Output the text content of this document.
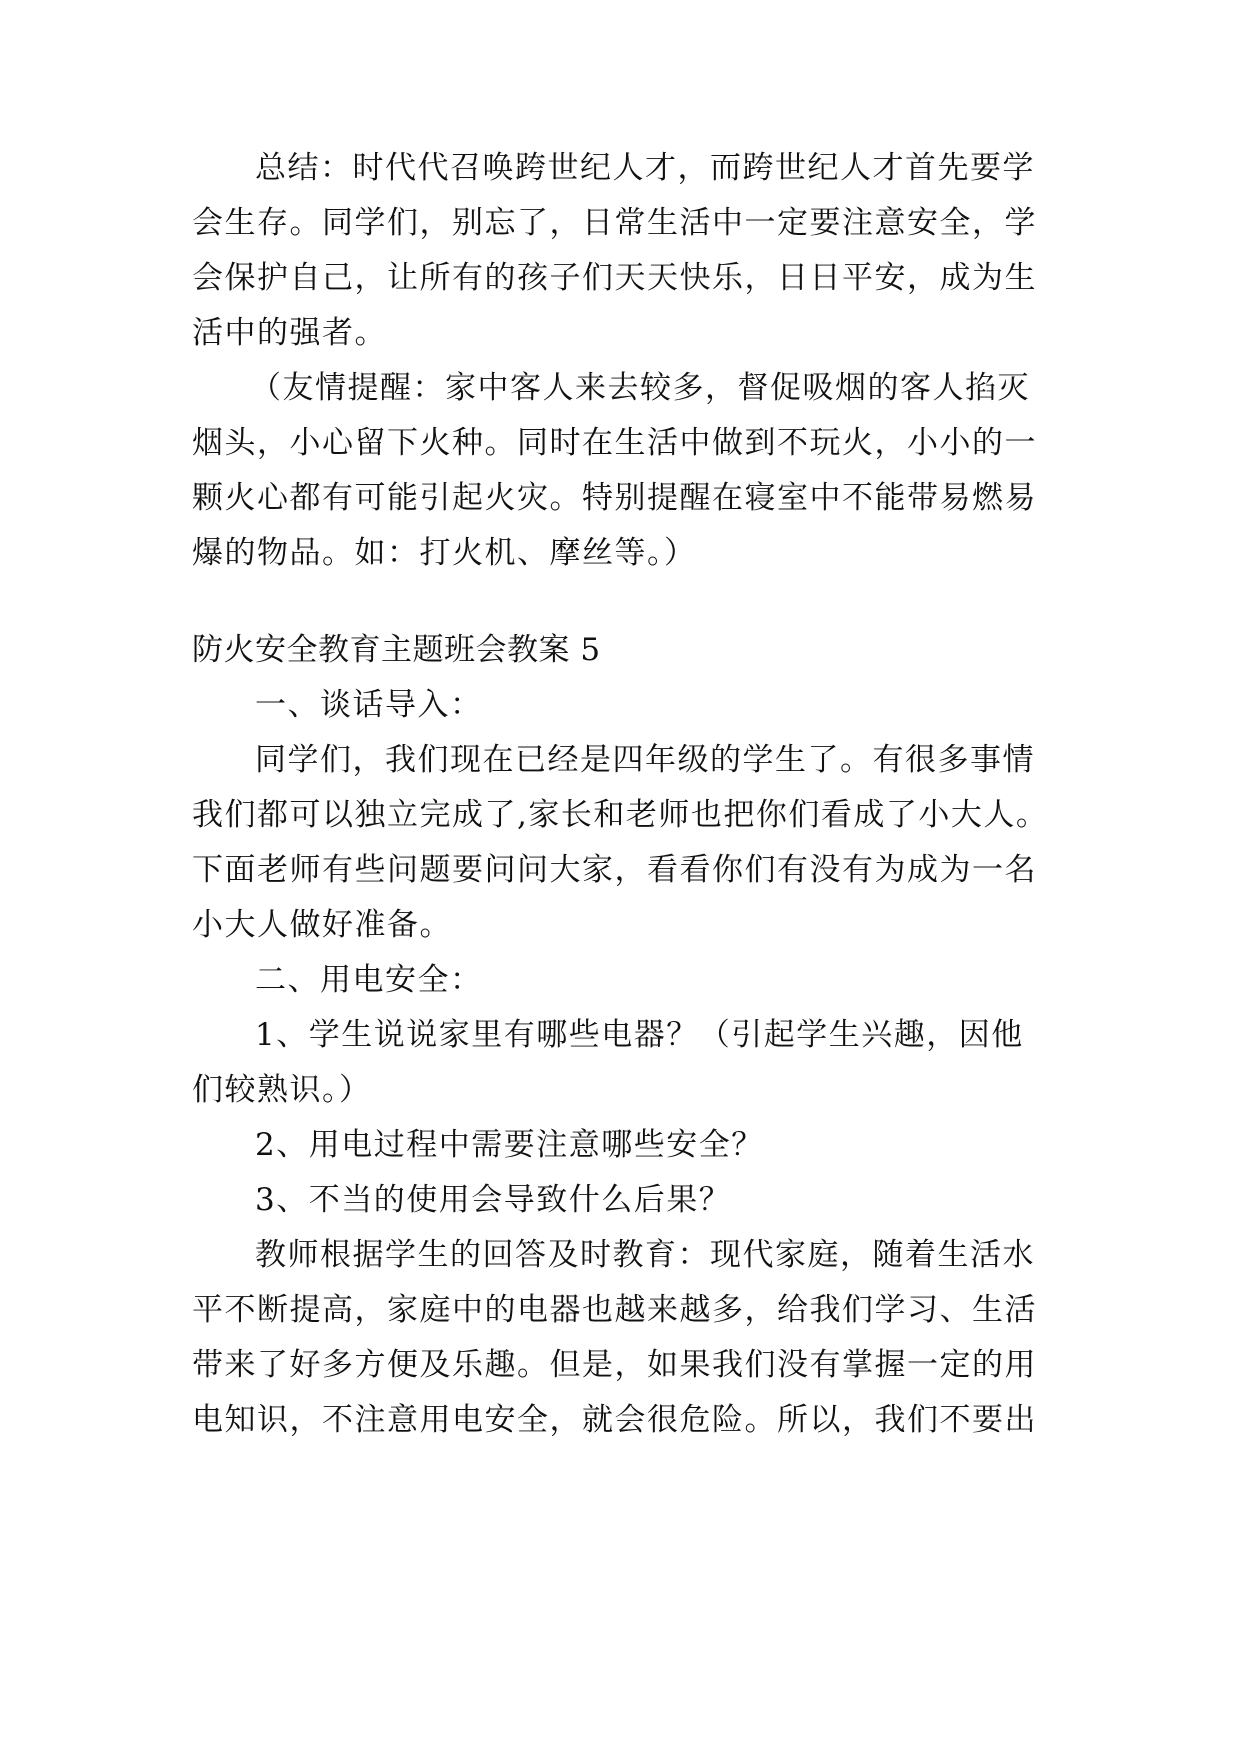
总结：时代代召唤跨世纪人才，而跨世纪人才首先要学
会生存。同学们，别忘了，日常生活中一定要注意安全，学
会保护自己，让所有的孩子们天天快乐，日日平安，成为生
活中的强者。
（友情提醒：家中客人来去较多，督促吸烟的客人掐灭
烟头，小心留下火种。同时在生活中做到不玩火，小小的一
颗火心都有可能引起火灾。特别提醒在寝室中不能带易燃易
爆的物品。如：打火机、摩丝等。）
防火安全教育主题班会教案 5
一、谈话导入：
同学们，我们现在已经是四年级的学生了。有很多事情
我们都可以独立完成了,家长和老师也把你们看成了小大人。
下面老师有些问题要问问大家，看看你们有没有为成为一名
小大人做好准备。
二、用电安全：
1、学生说说家里有哪些电器？（引起学生兴趣，因他
们较熟识。）
2、用电过程中需要注意哪些安全？
3、不当的使用会导致什么后果？
教师根据学生的回答及时教育：现代家庭，随着生活水
平不断提高，家庭中的电器也越来越多，给我们学习、生活
带来了好多方便及乐趣。但是，如果我们没有掌握一定的用
电知识，不注意用电安全，就会很危险。所以，我们不要出
